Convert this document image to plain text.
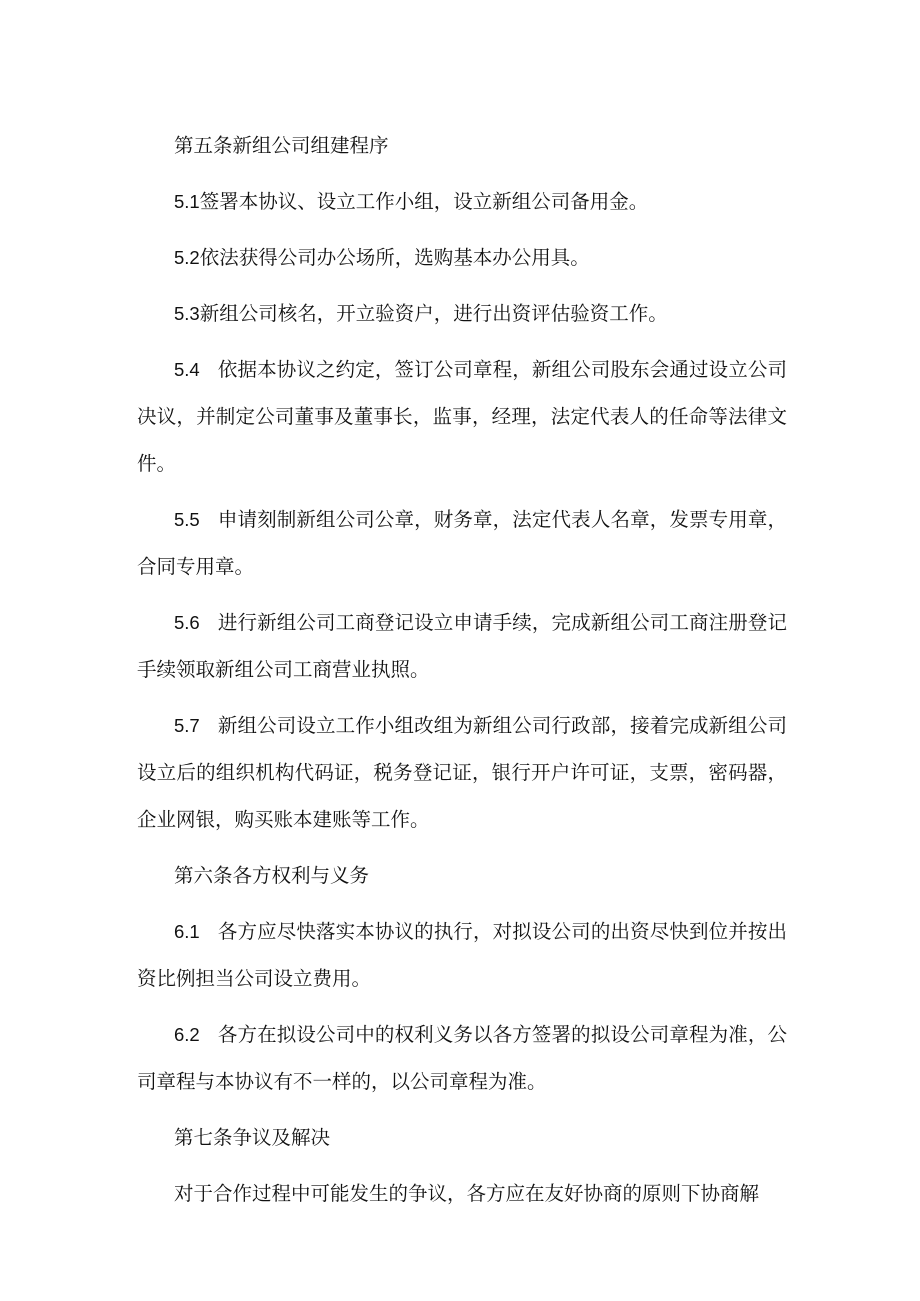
第五条新组公司组建程序

5.1签署本协议、设立工作小组，设立新组公司备用金。

5.2依法获得公司办公场所，选购基本办公用具。

5.3新组公司核名，开立验资户，进行出资评估验资工作。

5.4 依据本协议之约定，签订公司章程，新组公司股东会通过设立公司决议，并制定公司董事及董事长，监事，经理，法定代表人的任命等法律文件。

5.5 申请刻制新组公司公章，财务章，法定代表人名章，发票专用章，合同专用章。

5.6 进行新组公司工商登记设立申请手续，完成新组公司工商注册登记手续领取新组公司工商营业执照。

5.7 新组公司设立工作小组改组为新组公司行政部，接着完成新组公司设立后的组织机构代码证，税务登记证，银行开户许可证，支票，密码器，企业网银，购买账本建账等工作。

第六条各方权利与义务

6.1 各方应尽快落实本协议的执行，对拟设公司的出资尽快到位并按出资比例担当公司设立费用。

6.2 各方在拟设公司中的权利义务以各方签署的拟设公司章程为准，公司章程与本协议有不一样的，以公司章程为准。

第七条争议及解决

对于合作过程中可能发生的争议，各方应在友好协商的原则下协商解
